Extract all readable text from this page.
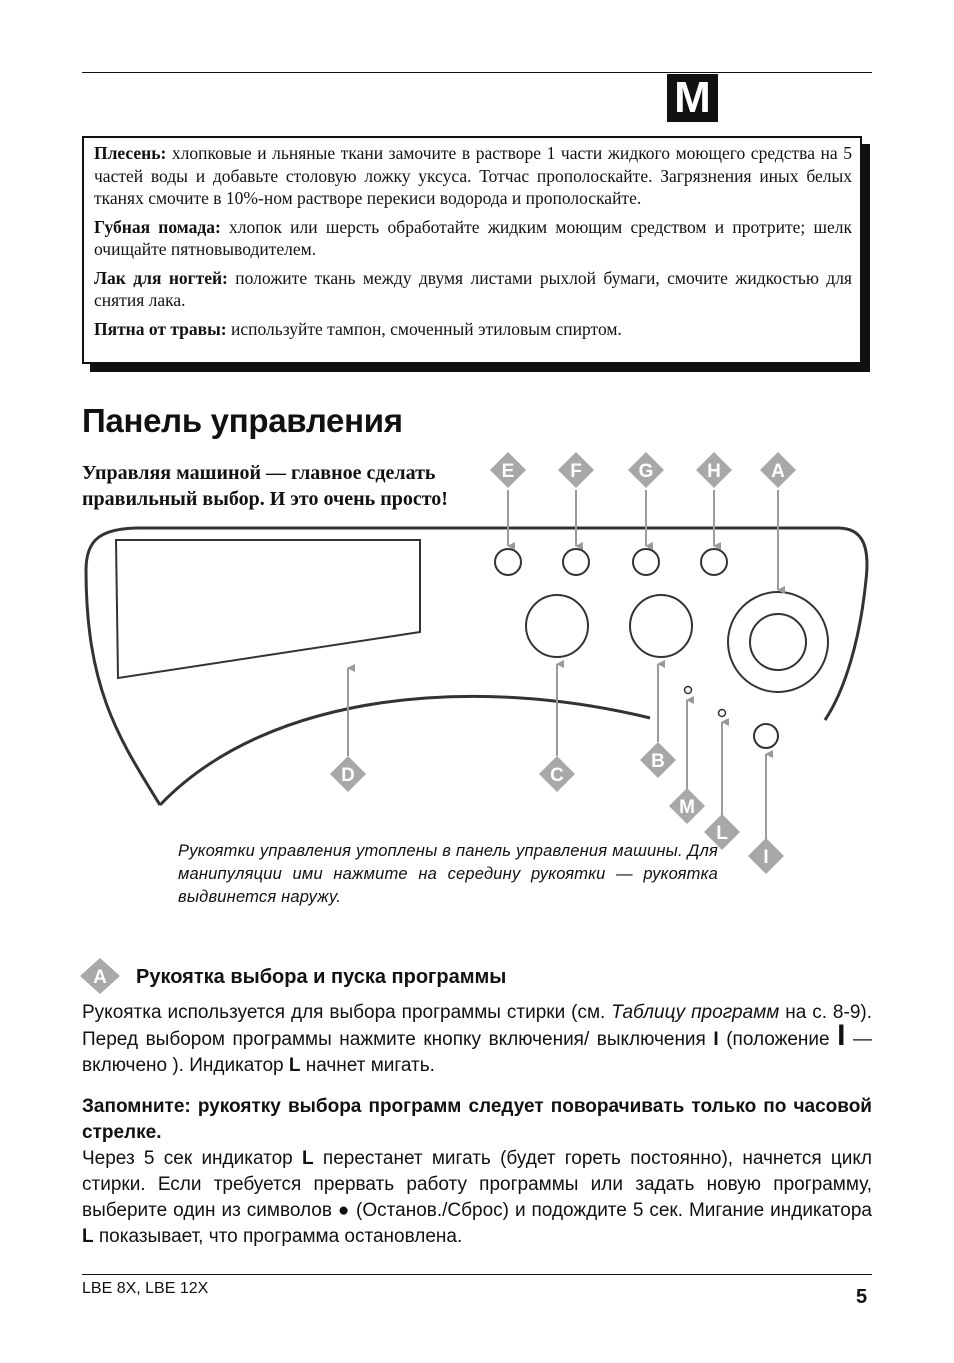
M

Плесень: хлопковые и льняные ткани замочите в растворе 1 части жидкого моющего средства на 5 частей воды и добавьте столовую ложку уксуса. Тотчас прополоскайте. Загрязнения иных белых тканях смочите в 10%-ном растворе перекиси водорода и прополоскайте.

Губная помада: хлопок или шерсть обработайте жидким моющим средством и протрите; шелк очищайте пятновыводителем.

Лак для ногтей: положите ткань между двумя листами рыхлой бумаги, смочите жидкостью для снятия лака.

Пятна от травы: используйте тампон, смоченный этиловым спиртом.

Панель управления
Управляя машиной — главное сделать правильный выбор. И это очень просто!
E	F	G	H	A
D	C
B
M
L
I
A
Рукоятки управления утоплены в панель управления машины. Для манипуляции ими нажмите на середину рукоятки — рукоятка выдвинется наружу.
Рукоятка выбора и пуска программы
Рукоятка используется для выбора программы стирки (см. Таблицу программ на с. 8-9). Перед выбором программы нажмите кнопку включения/ выключения I (положение I — включено ). Индикатор L начнет мигать.
Запомните: рукоятку выбора программ следует поворачивать только по часовой стрелке.
Через 5 сек индикатор L перестанет мигать (будет гореть постоянно), начнется цикл стирки. Если требуется прервать работу программы или задать новую программу, выберите один из символов ● (Останов./Сброс) и подождите 5 сек. Мигание индикатора L показывает, что программа остановлена.
LBE 8X, LBE 12X	5
